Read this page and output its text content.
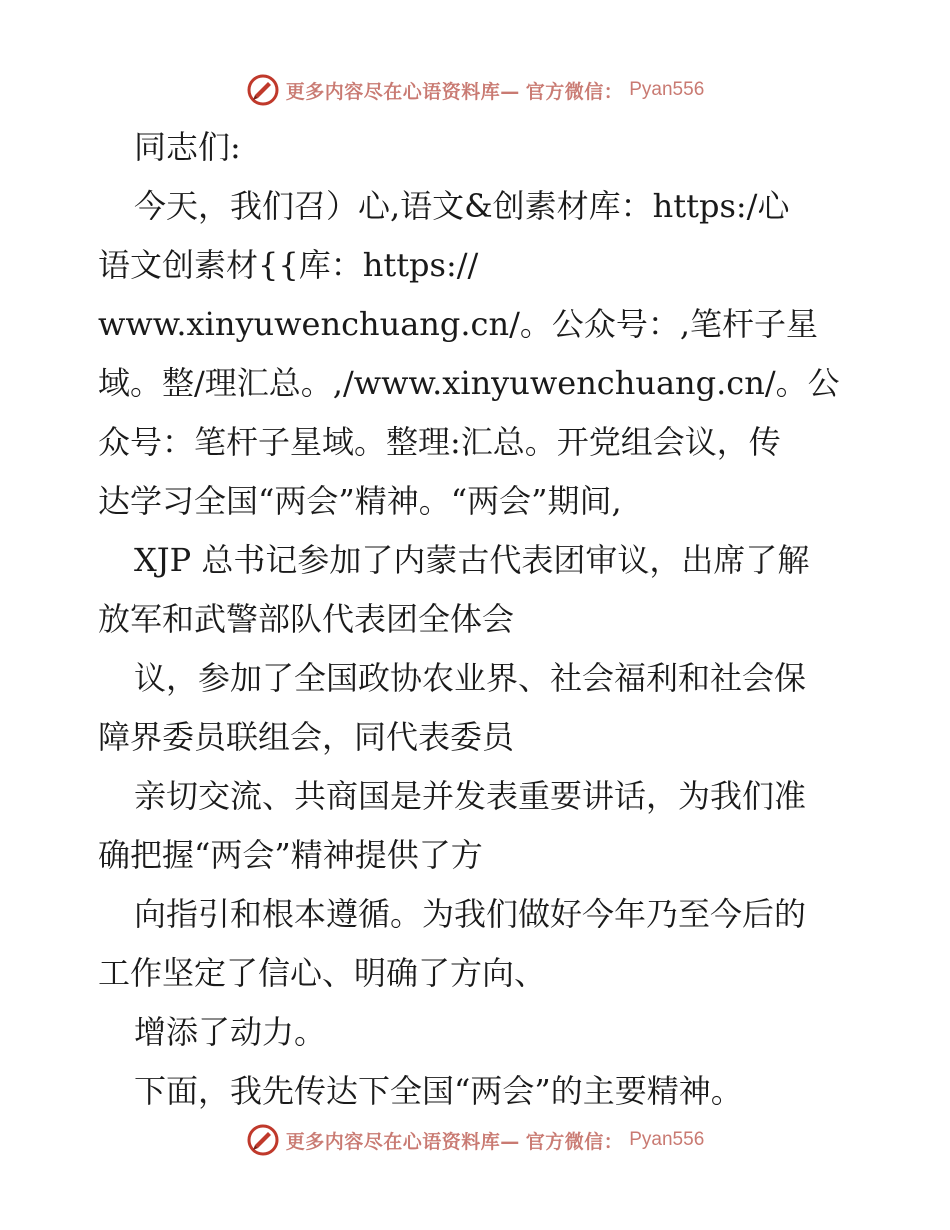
更多内容尽在心语资料库— 官方微信： Pyan556
同志们:
今天，我们召）心,语文&创素材库：https:/心
语文创素材{{库：https://
www.xinyuwenchuang.cn/。公众号：,笔杆子星
域。整/理汇总。,/www.xinyuwenchuang.cn/。公
众号：笔杆子星域。整理:汇总。开党组会议，传
达学习全国“两会”精神。“两会”期间,
XJP 总书记参加了内蒙古代表团审议，出席了解
放军和武警部队代表团全体会
议，参加了全国政协农业界、社会福利和社会保
障界委员联组会，同代表委员
亲切交流、共商国是并发表重要讲话，为我们准
确把握“两会”精神提供了方
向指引和根本遵循。为我们做好今年乃至今后的
工作坚定了信心、明确了方向、
增添了动力。
下面，我先传达下全国“两会”的主要精神。
更多内容尽在心语资料库— 官方微信： Pyan556
